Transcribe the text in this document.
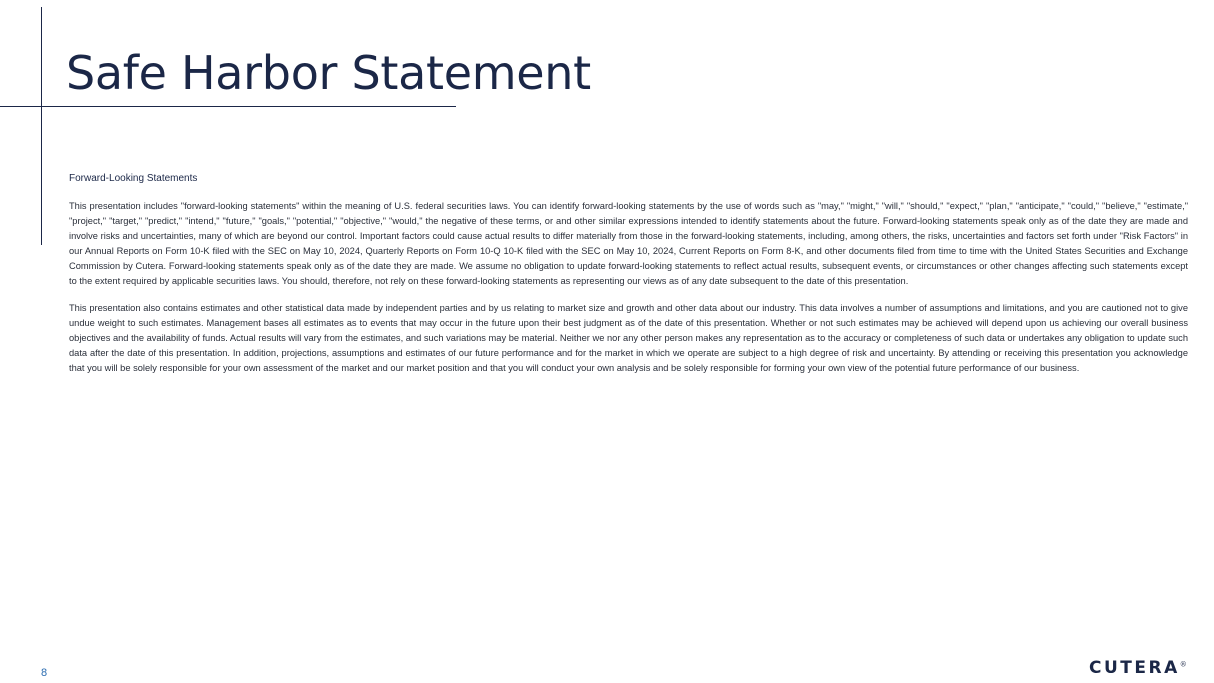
Safe Harbor Statement

Forward-Looking Statements

This presentation includes "forward-looking statements" within the meaning of U.S. federal securities laws. You can identify forward-looking statements by the use of words such as "may," "might," "will," "should," "expect," "plan," "anticipate," "could," "believe," "estimate," "project," "target," "predict," "intend," "future," "goals," "potential," "objective," "would," the negative of these terms, or and other similar expressions intended to identify statements about the future. Forward-looking statements speak only as of the date they are made and involve risks and uncertainties, many of which are beyond our control. Important factors could cause actual results to differ materially from those in the forward-looking statements, including, among others, the risks, uncertainties and factors set forth under "Risk Factors" in our Annual Reports on Form 10-K filed with the SEC on May 10, 2024, Quarterly Reports on Form 10-Q 10-K filed with the SEC on May 10, 2024, Current Reports on Form 8-K, and other documents filed from time to time with the United States Securities and Exchange Commission by Cutera. Forward-looking statements speak only as of the date they are made. We assume no obligation to update forward-looking statements to reflect actual results, subsequent events, or circumstances or other changes affecting such statements except to the extent required by applicable securities laws. You should, therefore, not rely on these forward-looking statements as representing our views as of any date subsequent to the date of this presentation.

This presentation also contains estimates and other statistical data made by independent parties and by us relating to market size and growth and other data about our industry. This data involves a number of assumptions and limitations, and you are cautioned not to give undue weight to such estimates. Management bases all estimates as to events that may occur in the future upon their best judgment as of the date of this presentation. Whether or not such estimates may be achieved will depend upon us achieving our overall business objectives and the availability of funds. Actual results will vary from the estimates, and such variations may be material. Neither we nor any other person makes any representation as to the accuracy or completeness of such data or undertakes any obligation to update such data after the date of this presentation. In addition, projections, assumptions and estimates of our future performance and for the market in which we operate are subject to a high degree of risk and uncertainty. By attending or receiving this presentation you acknowledge that you will be solely responsible for your own assessment of the market and our market position and that you will conduct your own analysis and be solely responsible for forming your own view of the potential future performance of our business.

8	CUTERA®
